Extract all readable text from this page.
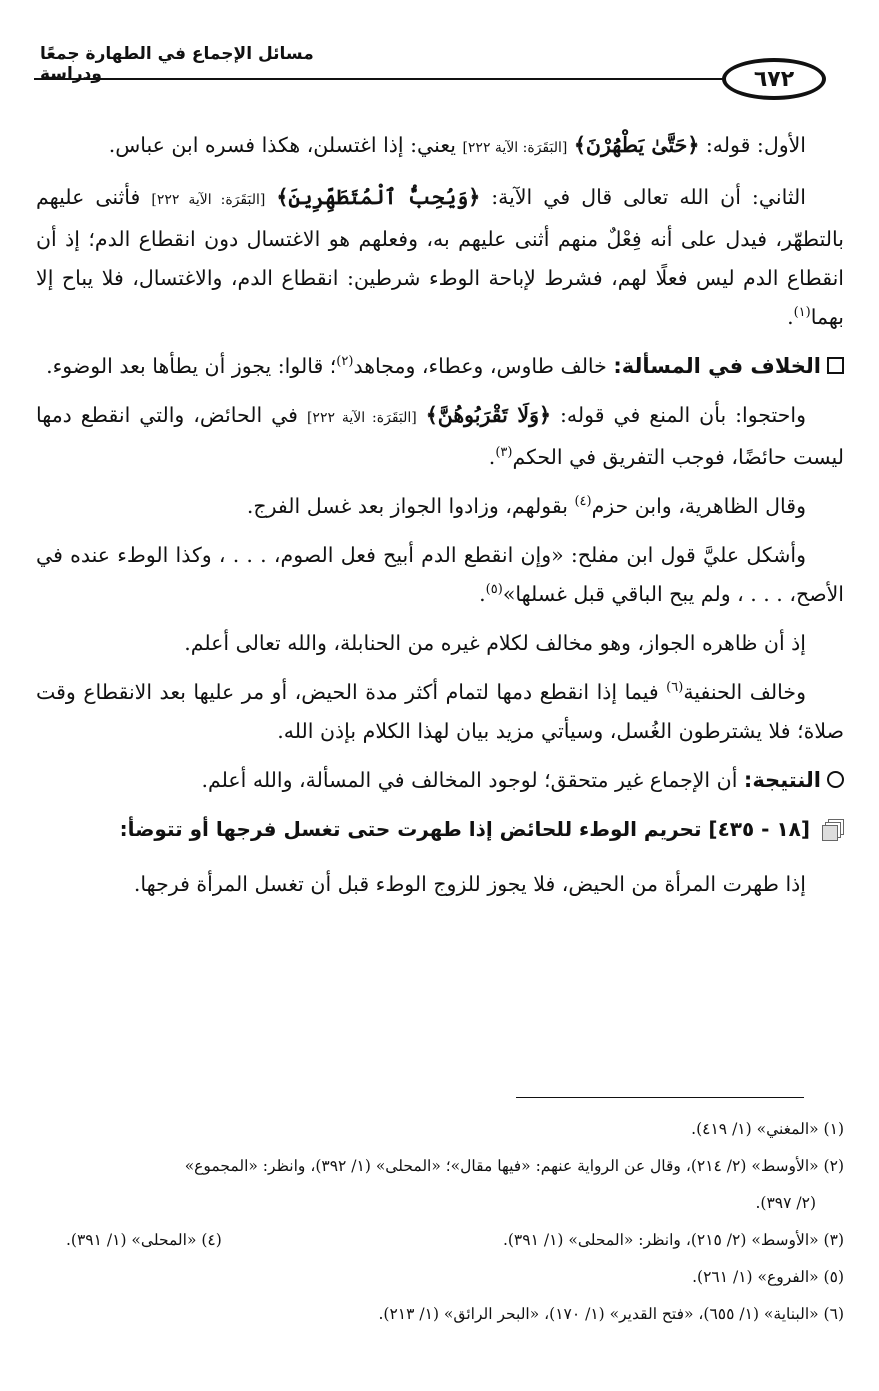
مسائل الإجماع في الطهارة جمعًا ودراسة	٦٧٢

الأول: قوله: ﴿حَتَّىٰ يَطْهُرْنَ﴾ [البَقَرَة: الآية ٢٢٢] يعني: إذا اغتسلن، هكذا فسره ابن عباس.

الثاني: أن الله تعالى قال في الآية: ﴿وَيُحِبُّ ٱلْمُتَطَهِّرِينَ﴾ [البَقَرَة: الآية ٢٢٢] فأثنى عليهم بالتطهّر، فيدل على أنه فِعْلٌ منهم أثنى عليهم به، وفعلهم هو الاغتسال دون انقطاع الدم؛ إذ أن انقطاع الدم ليس فعلًا لهم، فشرط لإباحة الوطء شرطين: انقطاع الدم، والاغتسال، فلا يباح إلا بهما$^{(١)}$.

الخلاف في المسألة: خالف طاوس، وعطاء، ومجاهد$^{(٢)}$؛ قالوا: يجوز أن يطأها بعد الوضوء.

واحتجوا: بأن المنع في قوله: ﴿وَلَا تَقْرَبُوهُنَّ﴾ [البَقَرَة: الآية ٢٢٢] في الحائض، والتي انقطع دمها ليست حائضًا، فوجب التفريق في الحكم$^{(٣)}$.

وقال الظاهرية، وابن حزم$^{(٤)}$ بقولهم، وزادوا الجواز بعد غسل الفرج.

وأشكل عليَّ قول ابن مفلح: «وإن انقطع الدم أبيح فعل الصوم، . . . ، وكذا الوطء عنده في الأصح، . . . ، ولم يبح الباقي قبل غسلها»$^{(٥)}$.

إذ أن ظاهره الجواز، وهو مخالف لكلام غيره من الحنابلة، والله تعالى أعلم.

وخالف الحنفية$^{(٦)}$ فيما إذا انقطع دمها لتمام أكثر مدة الحيض، أو مر عليها بعد الانقطاع وقت صلاة؛ فلا يشترطون الغُسل، وسيأتي مزيد بيان لهذا الكلام بإذن الله.

النتيجة: أن الإجماع غير متحقق؛ لوجود المخالف في المسألة، والله أعلم.

[١٨ - ٤٣٥] تحريم الوطء للحائض إذا طهرت حتى تغسل فرجها أو تتوضأ:

إذا طهرت المرأة من الحيض، فلا يجوز للزوج الوطء قبل أن تغسل المرأة فرجها.

(١) «المغني» (١/ ٤١٩).
(٢) «الأوسط» (٢/ ٢١٤)، وقال عن الرواية عنهم: «فيها مقال»؛ «المحلى» (١/ ٣٩٢)، وانظر: «المجموع»
(٢/ ٣٩٧).
(٣) «الأوسط» (٢/ ٢١٥)، وانظر: «المحلى» (١/ ٣٩١).
(٤) «المحلى» (١/ ٣٩١).
(٥) «الفروع» (١/ ٢٦١).
(٦) «البناية» (١/ ٦٥٥)، «فتح القدير» (١/ ١٧٠)، «البحر الرائق» (١/ ٢١٣).
